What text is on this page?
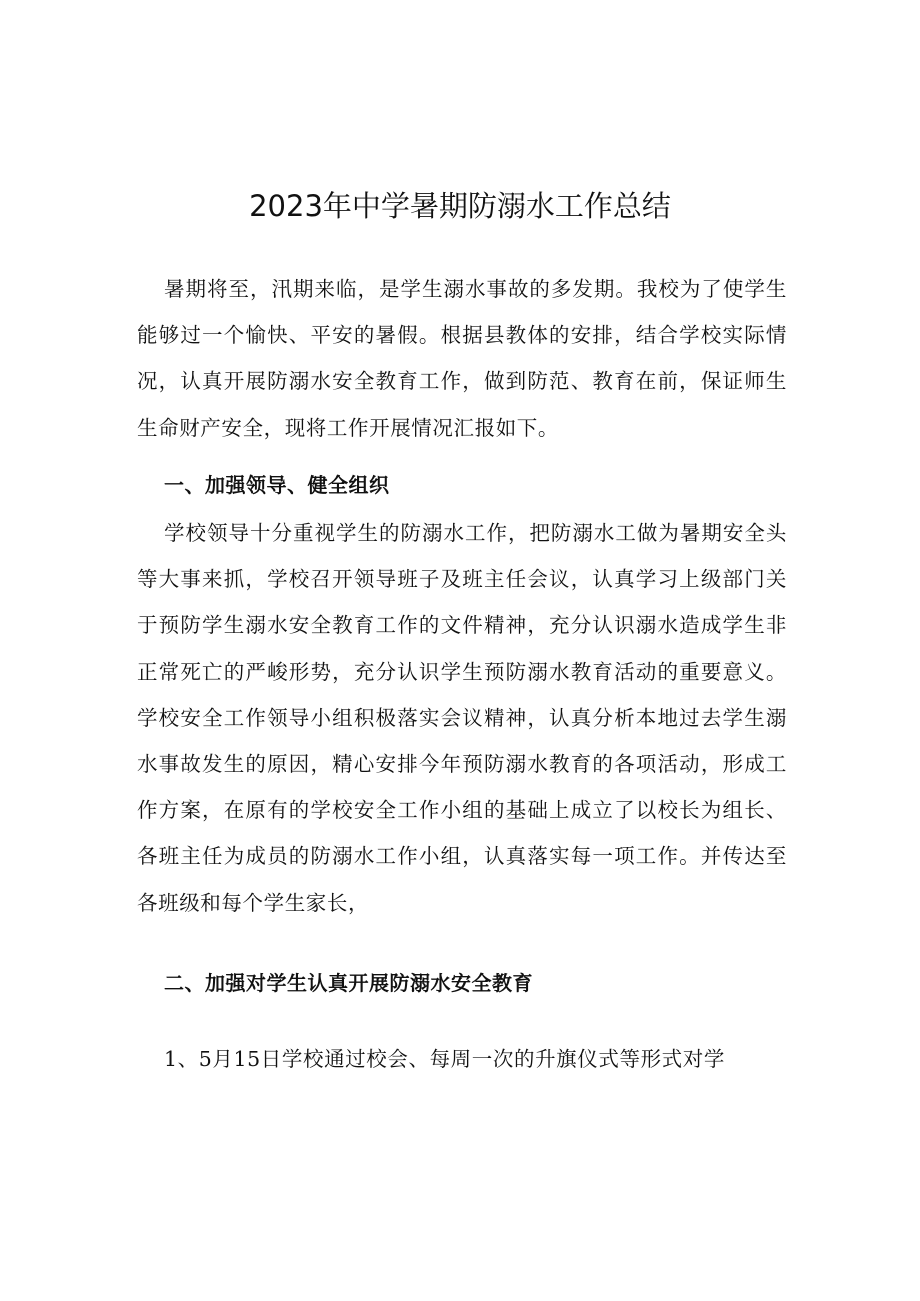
2023年中学暑期防溺水工作总结

暑期将至，汛期来临，是学生溺水事故的多发期。我校为了使学生能够过一个愉快、平安的暑假。根据县教体的安排，结合学校实际情况，认真开展防溺水安全教育工作，做到防范、教育在前，保证师生生命财产安全，现将工作开展情况汇报如下。

一、加强领导、健全组织

学校领导十分重视学生的防溺水工作，把防溺水工做为暑期安全头等大事来抓，学校召开领导班子及班主任会议，认真学习上级部门关于预防学生溺水安全教育工作的文件精神，充分认识溺水造成学生非正常死亡的严峻形势，充分认识学生预防溺水教育活动的重要意义。学校安全工作领导小组积极落实会议精神，认真分析本地过去学生溺水事故发生的原因，精心安排今年预防溺水教育的各项活动，形成工作方案，在原有的学校安全工作小组的基础上成立了以校长为组长、各班主任为成员的防溺水工作小组，认真落实每一项工作。并传达至各班级和每个学生家长，

二、加强对学生认真开展防溺水安全教育

1、5月15日学校通过校会、每周一次的升旗仪式等形式对学
